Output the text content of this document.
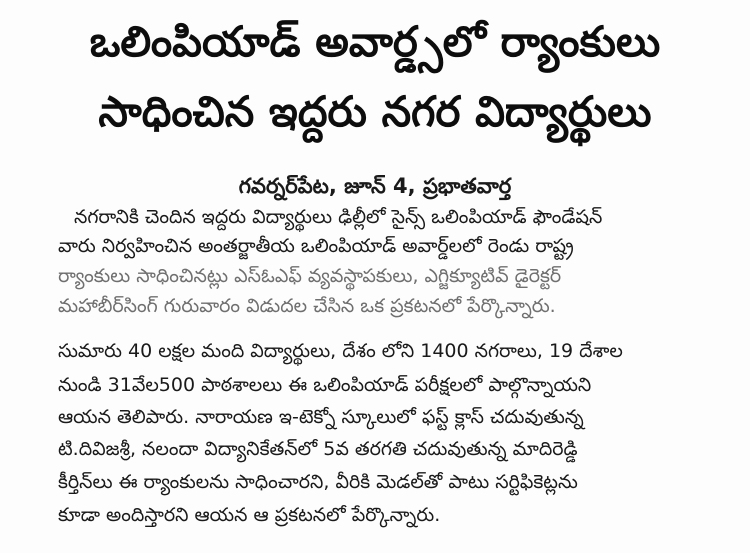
ఒలింపియాడ్ అవార్డ్సలో ర్యాంకులు
సాధించిన ఇద్దరు నగర విద్యార్థులు
గవర్నర్‌పేట, జూన్ 4, ప్రభాతవార్త
నగరానికి చెందిన ఇద్దరు విద్యార్థులు ఢిల్లీలో సైన్స్ ఒలింపియాడ్ ఫౌండేషన్
వారు నిర్వహించిన అంతర్జాతీయ ఒలింపియాడ్ అవార్డ్‌లలో రెండు రాష్ట్ర
ర్యాంకులు సాధించినట్లు ఎస్‌ఓఎఫ్ వ్యవస్థాపకులు, ఎగ్జిక్యూటివ్ డైరెక్టర్
మహాబీర్‌సింగ్ గురువారం విడుదల చేసిన ఒక ప్రకటనలో పేర్కొన్నారు.
సుమారు 40 లక్షల మంది విద్యార్థులు, దేశం లోని 1400 నగరాలు, 19 దేశాల
నుండి 31వేల500 పాఠశాలలు ఈ ఒలింపియాడ్ పరీక్షలలో పాల్గొన్నాయని
ఆయన తెలిపారు. నారాయణ ఇ-టెక్నో స్కూలులో ఫస్ట్ క్లాస్ చదువుతున్న
టి.దివిజశ్రీ, నలందా విద్యానికేతన్‌లో 5వ తరగతి చదువుతున్న మాదిరెడ్డి
కీర్తిన్‌లు ఈ ర్యాంకులను సాధించారని, వీరికి మెడల్‌తో పాటు సర్టిఫికెట్లను
కూడా అందిస్తారని ఆయన ఆ ప్రకటనలో పేర్కొన్నారు.
